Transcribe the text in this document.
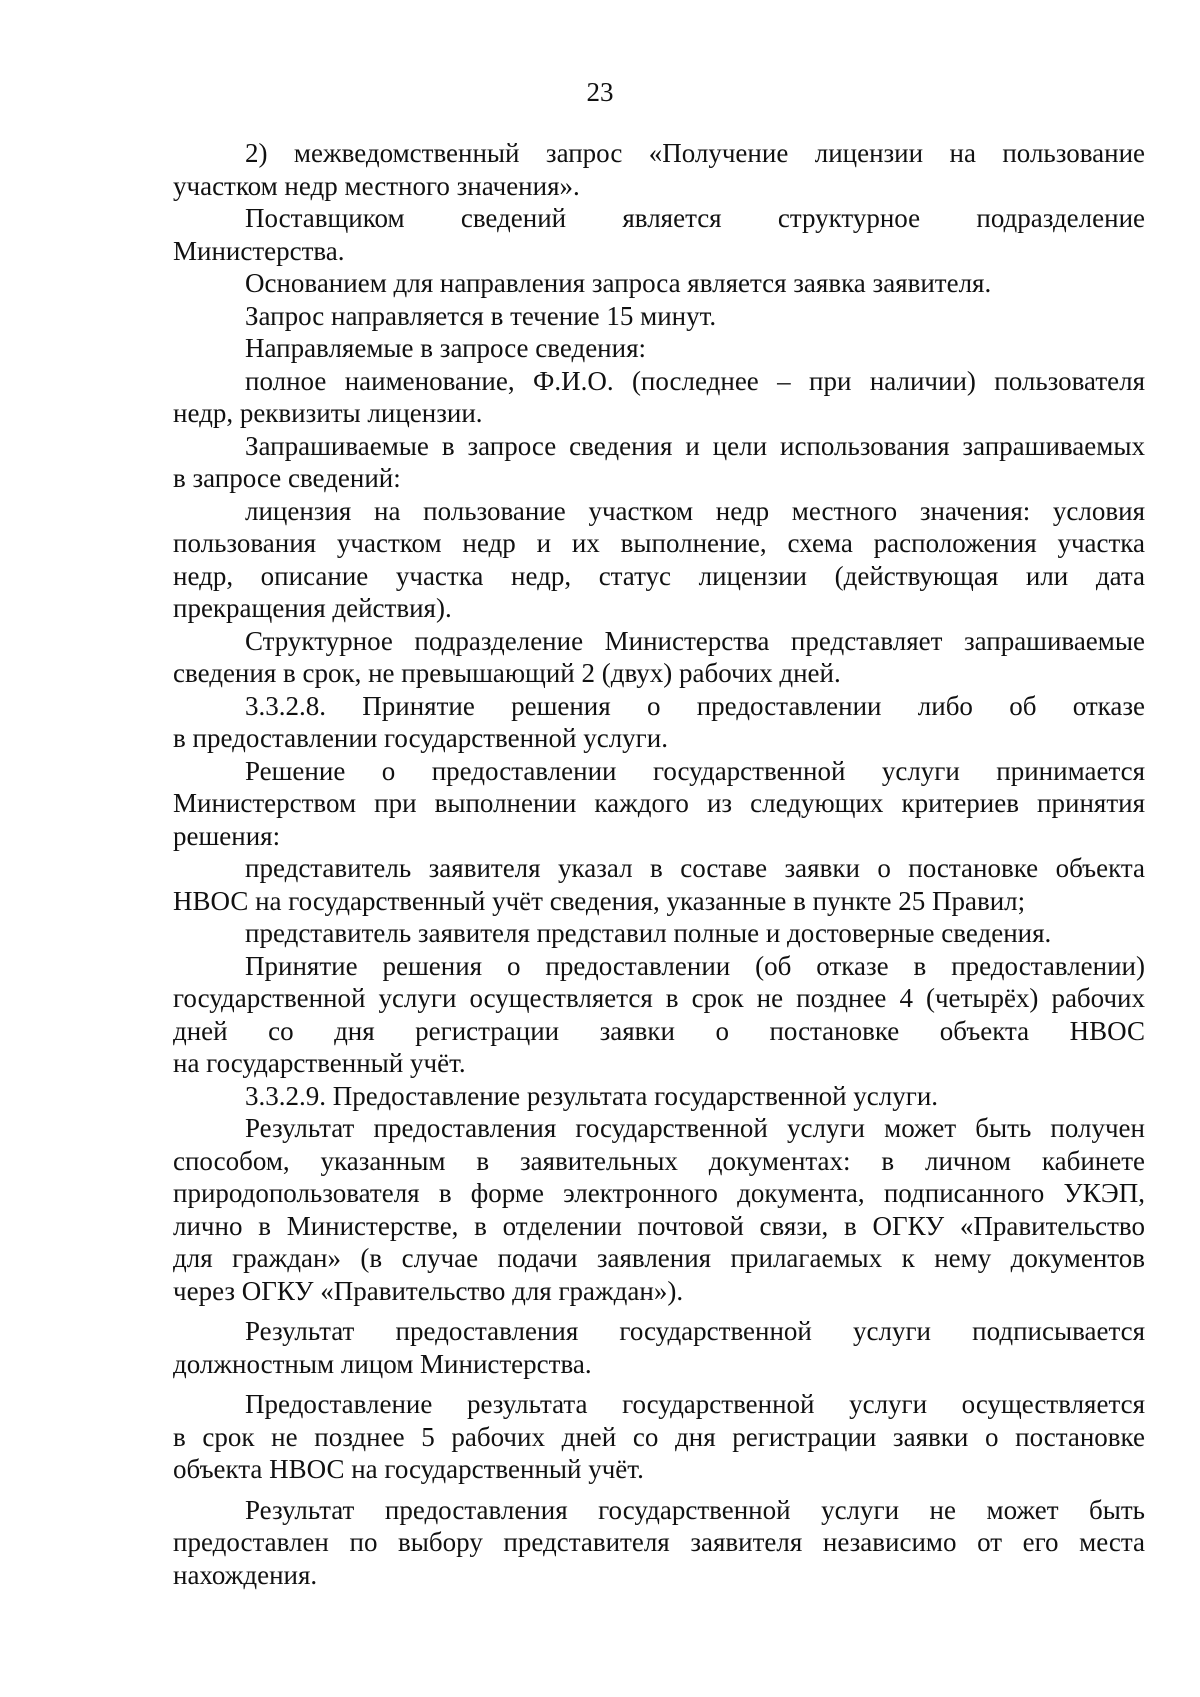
23
2) межведомственный запрос «Получение лицензии на пользование
участком недр местного значения».
Поставщиком сведений является структурное подразделение
Министерства.
Основанием для направления запроса является заявка заявителя.
Запрос направляется в течение 15 минут.
Направляемые в запросе сведения:
полное наименование, Ф.И.О. (последнее – при наличии) пользователя
недр, реквизиты лицензии.
Запрашиваемые в запросе сведения и цели использования запрашиваемых
в запросе сведений:
лицензия на пользование участком недр местного значения: условия
пользования участком недр и их выполнение, схема расположения участка
недр, описание участка недр, статус лицензии (действующая или дата
прекращения действия).
Структурное подразделение Министерства представляет запрашиваемые
сведения в срок, не превышающий 2 (двух) рабочих дней.
3.3.2.8. Принятие решения о предоставлении либо об отказе
в предоставлении государственной услуги.
Решение о предоставлении государственной услуги принимается
Министерством при выполнении каждого из следующих критериев принятия
решения:
представитель заявителя указал в составе заявки о постановке объекта
НВОС на государственный учёт сведения, указанные в пункте 25 Правил;
представитель заявителя представил полные и достоверные сведения.
Принятие решения о предоставлении (об отказе в предоставлении)
государственной услуги осуществляется в срок не позднее 4 (четырёх) рабочих
дней со дня регистрации заявки о постановке объекта НВОС
на государственный учёт.
3.3.2.9. Предоставление результата государственной услуги.
Результат предоставления государственной услуги может быть получен
способом, указанным в заявительных документах: в личном кабинете
природопользователя в форме электронного документа, подписанного УКЭП,
лично в Министерстве, в отделении почтовой связи, в ОГКУ «Правительство
для граждан» (в случае подачи заявления прилагаемых к нему документов
через ОГКУ «Правительство для граждан»).
Результат предоставления государственной услуги подписывается
должностным лицом Министерства.
Предоставление результата государственной услуги осуществляется
в срок не позднее 5 рабочих дней со дня регистрации заявки о постановке
объекта НВОС на государственный учёт.
Результат предоставления государственной услуги не может быть
предоставлен по выбору представителя заявителя независимо от его места
нахождения.
